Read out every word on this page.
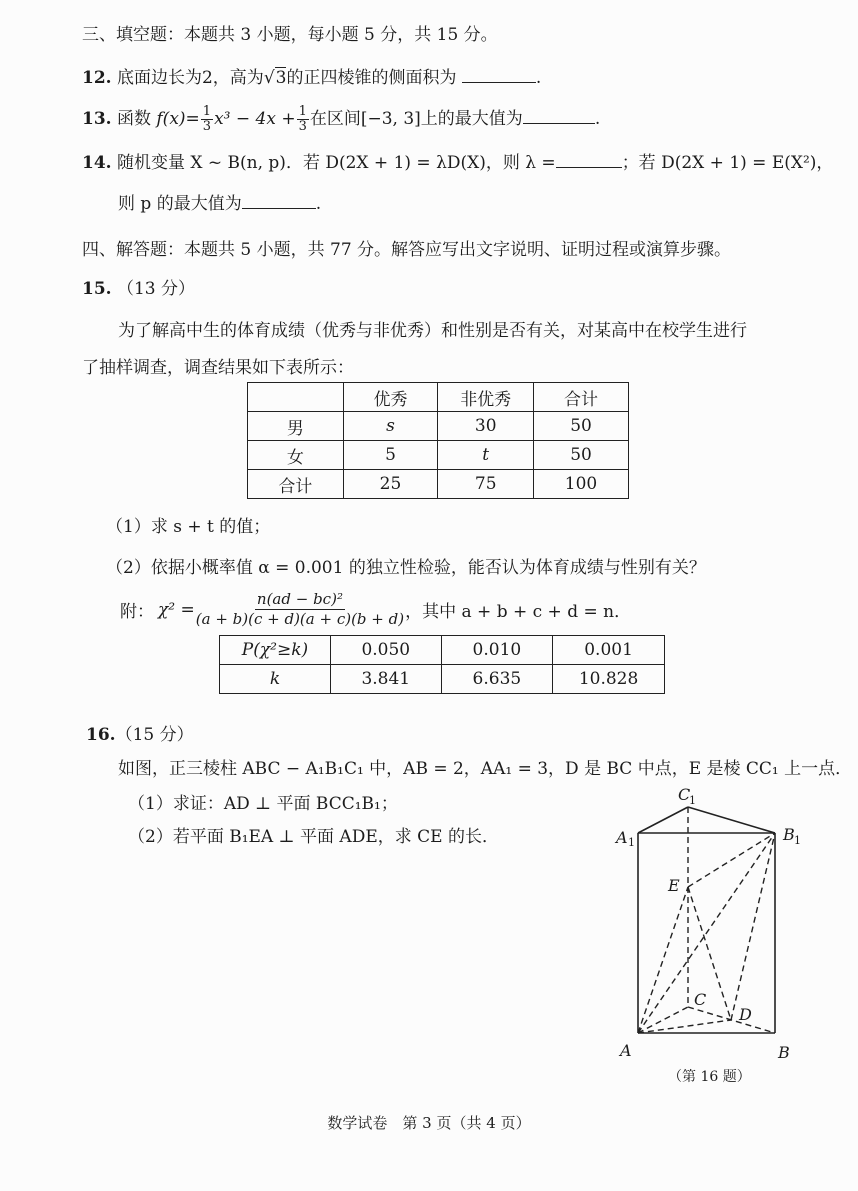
三、填空题：本题共 3 小题，每小题 5 分，共 15 分。
12. 底面边长为2，高为√3的正四棱锥的侧面积为	.
13. 函数 $f(x)= \frac{1}{3} x^3 - 4x + \frac{1}{3}$ 在区间[−3, 3]上的最大值为	.
14. 随机变量 X ~ B(n, p)．若 D(2X + 1) = λD(X)，则 λ =	；若 D(2X + 1) = E(X²)，
则 p 的最大值为	.
四、解答题：本题共 5 小题，共 77 分。解答应写出文字说明、证明过程或演算步骤。
15. （13 分）
为了解高中生的体育成绩（优秀与非优秀）和性别是否有关，对某高中在校学生进行
了抽样调查，调查结果如下表所示：
	优秀	非优秀	合计
男	s	30	50
女	5	t	50
合计	25	75	100
（1）求 s + t 的值；
（2）依据小概率值 α = 0.001 的独立性检验，能否认为体育成绩与性别有关？
附： $\chi^2 = \frac{\text{n(ad − bc)²}}{(a + b)(c + d)(a + c)(b + d)}$ ，其中 a + b + c + d = n．
P(χ²≥k)	0.050	0.010	0.001
k	3.841	6.635	10.828
16.（15 分）
如图，正三棱柱 ABC − A₁B₁C₁ 中，AB = 2，AA₁ = 3，D 是 BC 中点，E 是棱 CC₁ 上一点．
（1）求证：AD ⊥ 平面 BCC₁B₁；
（2）若平面 B₁EA ⊥ 平面 ADE，求 CE 的长．
C
1
A 1	B 1
E
C
D
A	B
（第 16 题）
数学试卷　第 3 页（共 4 页）
